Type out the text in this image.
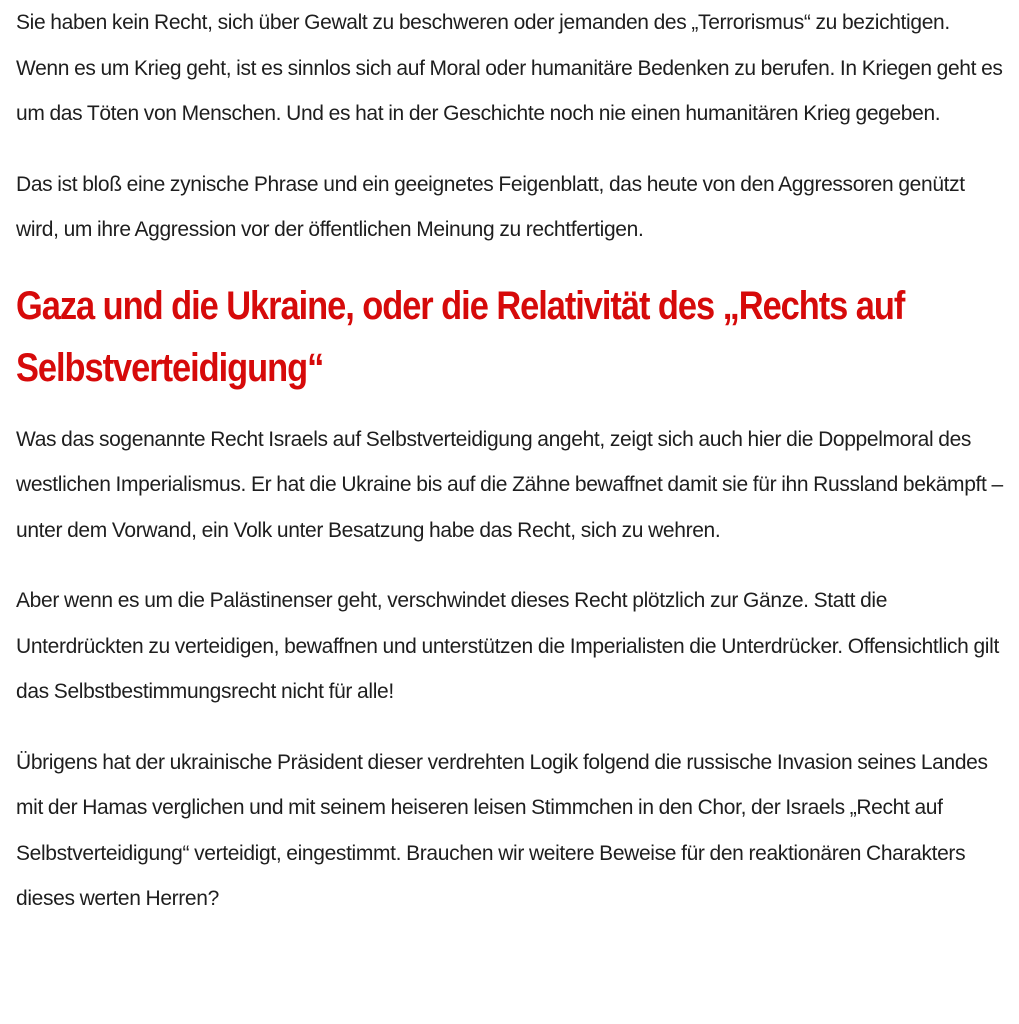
Sie haben kein Recht, sich über Gewalt zu beschweren oder jemanden des „Terrorismus“ zu bezichtigen. Wenn es um Krieg geht, ist es sinnlos sich auf Moral oder humanitäre Bedenken zu berufen. In Kriegen geht es um das Töten von Menschen. Und es hat in der Geschichte noch nie einen humanitären Krieg gegeben.

Das ist bloß eine zynische Phrase und ein geeignetes Feigenblatt, das heute von den Aggressoren genützt wird, um ihre Aggression vor der öffentlichen Meinung zu rechtfertigen.

Gaza und die Ukraine, oder die Relativität des „Rechts auf Selbstverteidigung“

Was das sogenannte Recht Israels auf Selbstverteidigung angeht, zeigt sich auch hier die Doppelmoral des westlichen Imperialismus. Er hat die Ukraine bis auf die Zähne bewaffnet damit sie für ihn Russland bekämpft – unter dem Vorwand, ein Volk unter Besatzung habe das Recht, sich zu wehren.

Aber wenn es um die Palästinenser geht, verschwindet dieses Recht plötzlich zur Gänze. Statt die Unterdrückten zu verteidigen, bewaffnen und unterstützen die Imperialisten die Unterdrücker. Offensichtlich gilt das Selbstbestimmungsrecht nicht für alle!

Übrigens hat der ukrainische Präsident dieser verdrehten Logik folgend die russische Invasion seines Landes mit der Hamas verglichen und mit seinem heiseren leisen Stimmchen in den Chor, der Israels „Recht auf Selbstverteidigung“ verteidigt, eingestimmt. Brauchen wir weitere Beweise für den reaktionären Charakters dieses werten Herren?
